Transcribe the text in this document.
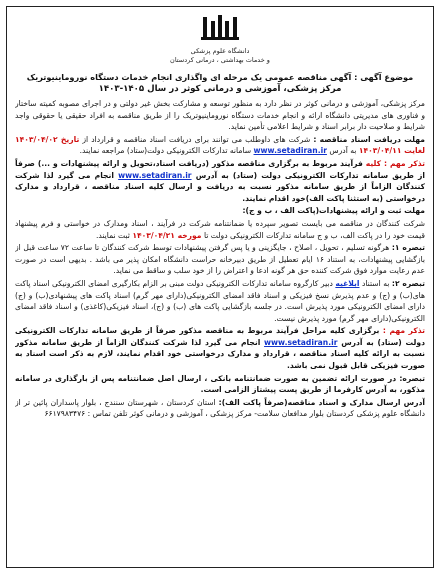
دانشگاه علوم پزشکی
و خدمات بهداشتی ، درمانی کردستان
موضوع آگهی : آگهی مناقصه عمومی یک مرحله ای واگذاری انجام خدمات دستگاه نوروماینیوتریک
مرکز پزشکی، آموزشی و درمانی کوثر در سال ۱۴۰۵-۱۴۰۳

مرکز پزشکی، آموزشی و درمانی کوثر در نظر دارد به منظور توسعه و مشارکت بخش غیر دولتی و در اجرای مصوبه کمیته ساختار و فناوری های مدیریتی دانشگاه ارائه و انجام خدمات دستگاه نوروماینیوتریک را از طریق مناقصه به افراد حقیقی یا حقوقی واجد شرایط و صلاحیت دار برابر اسناد و شرایط اعلامی تأمین نماید.

مهلت دریافت اسناد مناقصه : شرکت های داوطلب می توانند برای دریافت اسناد مناقصه و قرارداد از تاریخ ۱۴۰۳/۰۴/۰۲ لغایت ۱۴۰۳/۰۴/۱۱ به آدرس www.setadiran.ir سامانه تدارکات الکترونیکی دولت(ستاد) مراجعه نمایند.

تذکر مهم : کلیه فرآیند مربوط به برگزاری مناقصه مذکور (دریافت اسناد،تحویل و ارائه پیشنهادات و ...) صرفاً از طریق سامانه تدارکات الکترونیکی دولت (ستاد) به آدرس www.setadiran.ir انجام می گیرد لذا شرکت کنندگان الزاماً از طریق سامانه مذکور نسبت به دریافت و ارسال کلیه اسناد مناقصه ، قرارداد و مدارک درخواستی (به استثنا پاکت الف)خود اقدام نمایند.

مهلت ثبت و ارائه پیشنهادات(پاکت الف ، ب و ج):

شرکت کنندگان در مناقصه می بایست تصویر سپرده یا ضمانتنامه شرکت در فرآیند ، اسناد ومدارک در خواستی و فرم پیشنهاد قیمت خود را در پاکت الف، ب و ج سامانه تدارکات الکترونیکی دولت تا مورخه ۱۴۰۳/۰۴/۲۱ ثبت نمایند.

تبصره ۱: هرگونه تسلیم ، تحویل ، اصلاح ، جایگزینی و یا پس گرفتن پیشنهادات توسط شرکت کنندگان تا ساعت ۷۲ ساعت قبل از بازگشایی پیشنهادات، به استناد ۱۶ ایام تعطیل از طریق دبیرخانه حراست دانشگاه امکان پذیر می باشد . بدیهی است در صورت عدم رعایت موارد فوق شرکت کننده حق هر گونه ادعا و اعتراض را از خود سلب و ساقط می نماید.

تبصره ۲: به استناد ابلاغیه دبیر کارگروه سامانه تدارکات الکترونیکی دولت مبنی بر الزام بکارگیری امضای الکترونیکی اسناد پاکت های(ب) و (ج) و عدم پذیرش نسخ فیزیکی و اسناد فاقد امضای الکترونیکی(دارای مهر گرم) اسناد پاکت های پیشنهادی(ب) و (ج) دارای امضای الکترونیکی مورد پذیرش است. در جلسه بازگشایی پاکت های (ب) و (ج)، اسناد فیزیکی(کاغذی) و اسناد فاقد امضای الکترونیکی(دارای مهر گرم) مورد پذیرش نیست.

تذکر مهم : برگزاری کلیه مراحل فرآیند مربوط به مناقصه مذکور صرفاً از طریق سامانه تدارکات الکترونیکی دولت (ستاد) به آدرس www.setadiran.ir انجام می گیرد لذا شرکت کنندگان الزاماً از طریق سامانه مذکور نسبت به ارائه کلیه اسناد مناقصه ، قرارداد و مدارک درخواستی خود اقدام نمایند، لازم به ذکر است اسناد به صورت فیزیکی قابل قبول نمی باشد.

تبصره: در صورت ارائه تضمین به صورت ضمانتنامه بانکی ، ارسال اصل ضمانتنامه پس از بارگذاری در سامانه مذکور، به آدرس کارفرما از طریق پست پیشتاز الزامی است.

آدرس ارسال مدارک و اسناد مناقصه(صرفاً پاکت الف): استان کردستان ، شهرستان سنندج ، بلوار پاسداران پائین تر از دانشگاه علوم پزشکی کردستان بلوار مدافعان سلامت- مرکز پزشکی ، آموزشی و درمانی کوثر تلفن تماس : ۶۶۱۷۹۸۳۴۷۶
